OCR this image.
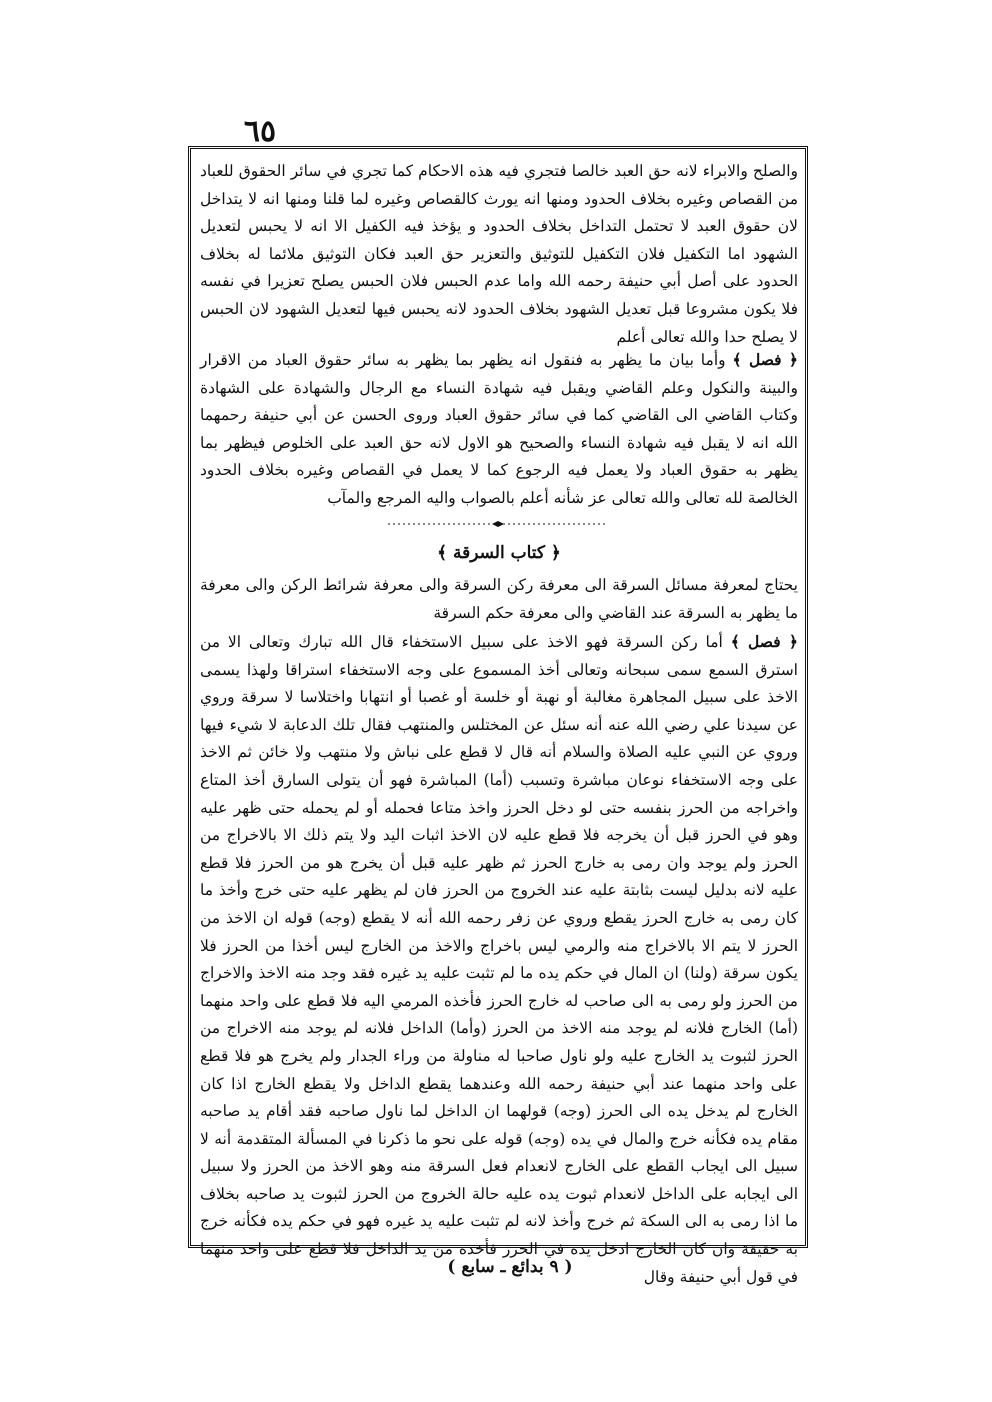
٦٥
والصلح والابراء لانه حق العبد خالصا فتجري فيه هذه الاحكام كما تجري في سائر الحقوق للعباد من القصاص وغيره بخلاف الحدود ومنها انه يورث كالقصاص وغيره لما قلنا ومنها انه لا يتداخل لان حقوق العبد لا تحتمل التداخل بخلاف الحدود و يؤخذ فيه الكفيل الا انه لا يحبس لتعديل الشهود اما التكفيل فلان التكفيل للتوثيق والتعزير حق العبد فكان التوثيق ملائما له بخلاف الحدود على أصل أبي حنيفة رحمه الله واما عدم الحبس فلان الحبس يصلح تعزيرا في نفسه فلا يكون مشروعا قبل تعديل الشهود بخلاف الحدود لانه يحبس فيها لتعديل الشهود لان الحبس لا يصلح حدا والله تعالى أعلم
﴿ فصل ﴾ وأما بيان ما يظهر به فنقول انه يظهر بما يظهر به سائر حقوق العباد من الاقرار والبينة والنكول وعلم القاضي ويقبل فيه شهادة النساء مع الرجال والشهادة على الشهادة وكتاب القاضي الى القاضي كما في سائر حقوق العباد وروى الحسن عن أبي حنيفة رحمهما الله انه لا يقبل فيه شهادة النساء والصحيح هو الاول لانه حق العبد على الخلوص فيظهر بما يظهر به حقوق العباد ولا يعمل فيه الرجوع كما لا يعمل في القصاص وغيره بخلاف الحدود الخالصة لله تعالى والله تعالى عز شأنه أعلم بالصواب واليه المرجع والمآب
﴿ كتاب السرقة ﴾
يحتاج لمعرفة مسائل السرقة الى معرفة ركن السرقة والى معرفة شرائط الركن والى معرفة ما يظهر به السرقة عند القاضي والى معرفة حكم السرقة
﴿ فصل ﴾ أما ركن السرقة فهو الاخذ على سبيل الاستخفاء قال الله تبارك وتعالى الا من استرق السمع سمى سبحانه وتعالى أخذ المسموع على وجه الاستخفاء استراقا ولهذا يسمى الاخذ على سبيل المجاهرة مغالبة أو نهبة أو خلسة أو غصبا أو انتهابا واختلاسا لا سرقة وروي عن سيدنا علي رضي الله عنه أنه سئل عن المختلس والمنتهب فقال تلك الدعابة لا شيء فيها وروي عن النبي عليه الصلاة والسلام أنه قال لا قطع على نباش ولا منتهب ولا خائن ثم الاخذ على وجه الاستخفاء نوعان مباشرة وتسبب (أما) المباشرة فهو أن يتولى السارق أخذ المتاع واخراجه من الحرز بنفسه حتى لو دخل الحرز واخذ متاعا فحمله أو لم يحمله حتى ظهر عليه وهو في الحرز قبل أن يخرجه فلا قطع عليه لان الاخذ اثبات اليد ولا يتم ذلك الا بالاخراج من الحرز ولم يوجد وان رمى به خارج الحرز ثم ظهر عليه قبل أن يخرج هو من الحرز فلا قطع عليه لانه بدليل ليست بثابتة عليه عند الخروج من الحرز فان لم يظهر عليه حتى خرج وأخذ ما كان رمى به خارج الحرز يقطع وروي عن زفر رحمه الله أنه لا يقطع (وجه) قوله ان الاخذ من الحرز لا يتم الا بالاخراج منه والرمي ليس باخراج والاخذ من الخارج ليس أخذا من الحرز فلا يكون سرقة (ولنا) ان المال في حكم يده ما لم تثبت عليه يد غيره فقد وجد منه الاخذ والاخراج من الحرز ولو رمى به الى صاحب له خارج الحرز فأخذه المرمي اليه فلا قطع على واحد منهما (أما) الخارج فلانه لم يوجد منه الاخذ من الحرز (وأما) الداخل فلانه لم يوجد منه الاخراج من الحرز لثبوت يد الخارج عليه ولو ناول صاحبا له مناولة من وراء الجدار ولم يخرج هو فلا قطع على واحد منهما عند أبي حنيفة رحمه الله وعندهما يقطع الداخل ولا يقطع الخارج اذا كان الخارج لم يدخل يده الى الحرز (وجه) قولهما ان الداخل لما ناول صاحبه فقد أقام يد صاحبه مقام يده فكأنه خرج والمال في يده (وجه) قوله على نحو ما ذكرنا في المسألة المتقدمة أنه لا سبيل الى ايجاب القطع على الخارج لانعدام فعل السرقة منه وهو الاخذ من الحرز ولا سبيل الى ايجابه على الداخل لانعدام ثبوت يده عليه حالة الخروج من الحرز لثبوت يد صاحبه بخلاف ما اذا رمى به الى السكة ثم خرج وأخذ لانه لم تثبت عليه يد غيره فهو في حكم يده فكأنه خرج به حقيقة وان كان الخارج ادخل يده في الحرز فأخذه من يد الداخل فلا قطع على واحد منهما في قول أبي حنيفة وقال
( ٩ بدائع ـ سابع )
